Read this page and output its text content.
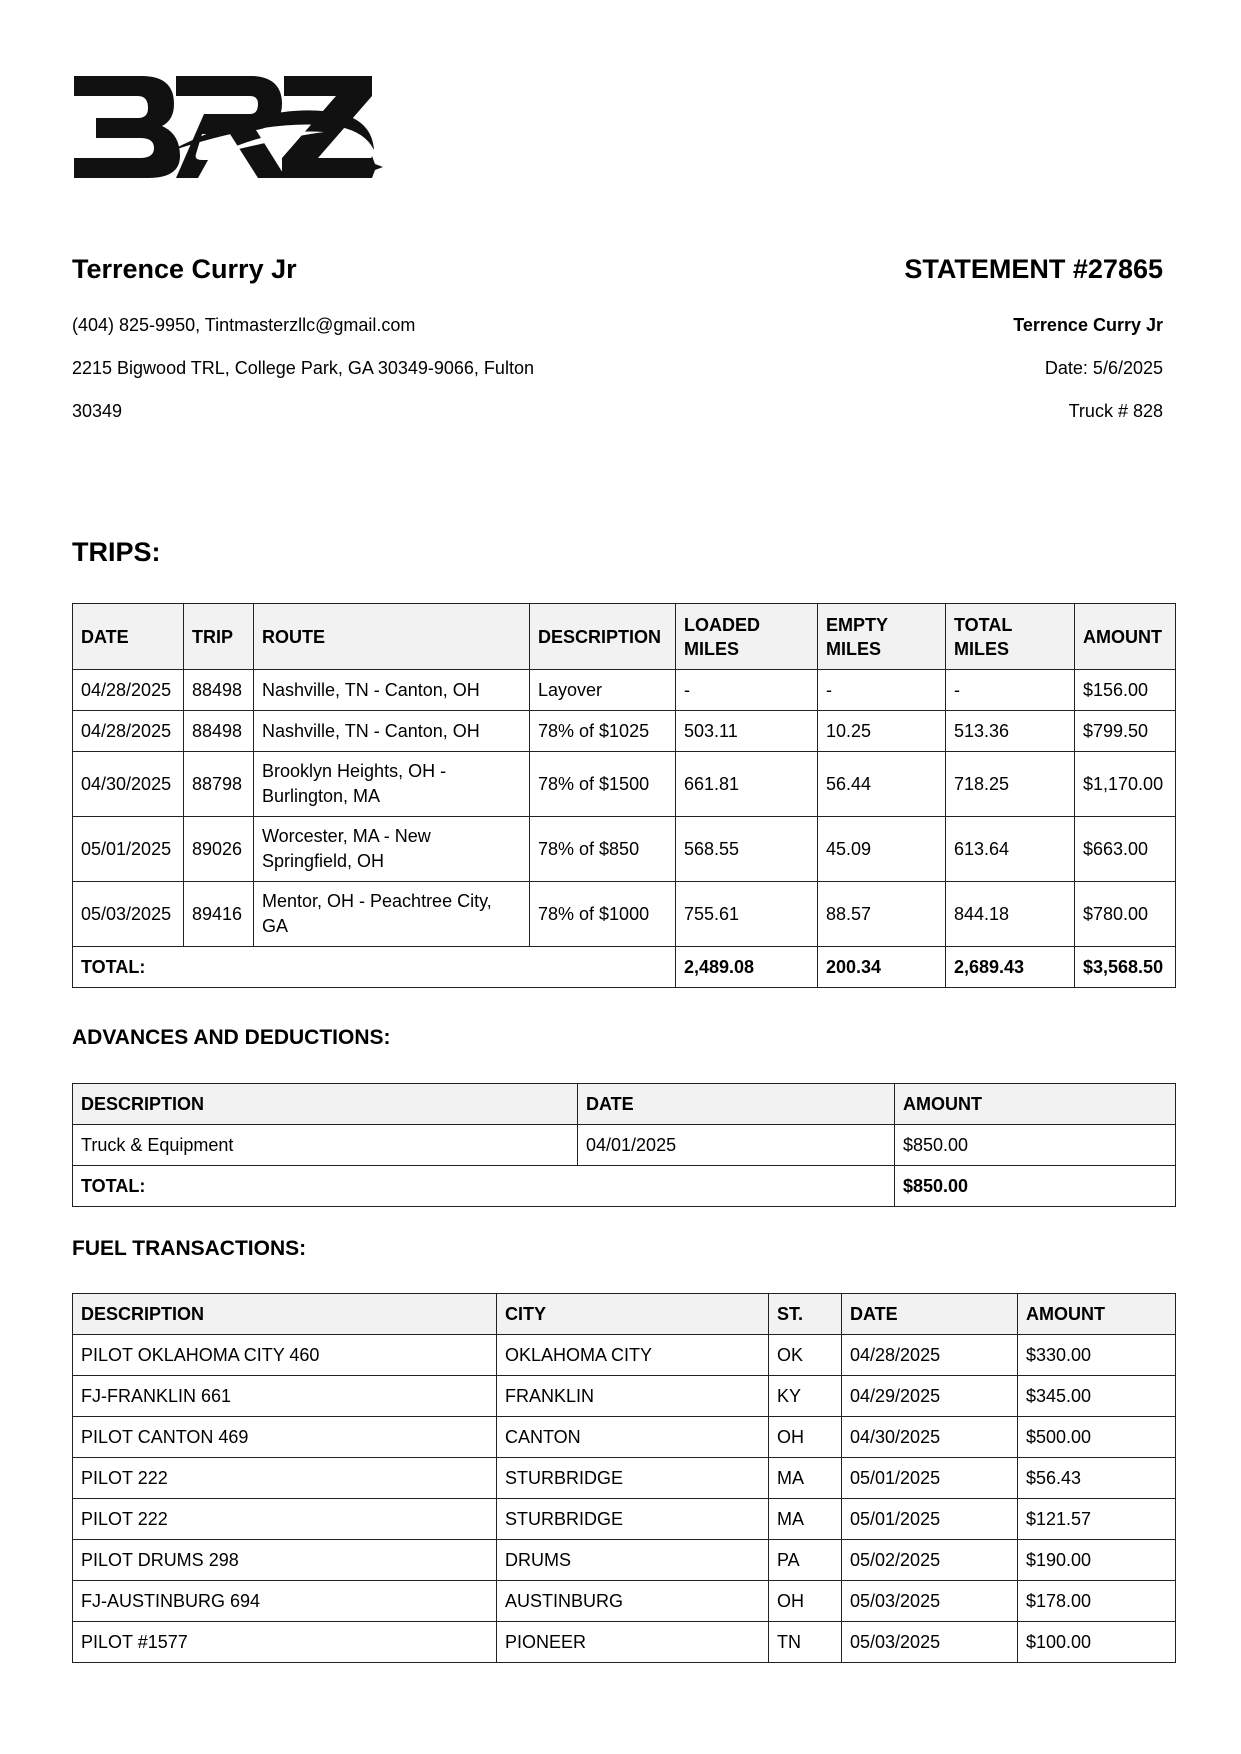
Terrence Curry Jr
(404) 825-9950, Tintmasterzllc@gmail.com
2215 Bigwood TRL, College Park, GA 30349-9066, Fulton
30349
STATEMENT #27865
Terrence Curry Jr
Date: 5/6/2025
Truck # 828
TRIPS:
DATE	TRIP	ROUTE	DESCRIPTION	LOADED MILES	EMPTY MILES	TOTAL MILES	AMOUNT
04/28/2025	88498	Nashville, TN - Canton, OH	Layover	-	-	-	$156.00
04/28/2025	88498	Nashville, TN - Canton, OH	78% of $1025	503.11	10.25	513.36	$799.50
04/30/2025	88798	Brooklyn Heights, OH - Burlington, MA	78% of $1500	661.81	56.44	718.25	$1,170.00
05/01/2025	89026	Worcester, MA - New Springfield, OH	78% of $850	568.55	45.09	613.64	$663.00
05/03/2025	89416	Mentor, OH - Peachtree City, GA	78% of $1000	755.61	88.57	844.18	$780.00
TOTAL:				2,489.08	200.34	2,689.43	$3,568.50
ADVANCES AND DEDUCTIONS:
DESCRIPTION	DATE	AMOUNT
Truck & Equipment	04/01/2025	$850.00
TOTAL:		$850.00
FUEL TRANSACTIONS:
DESCRIPTION	CITY	ST.	DATE	AMOUNT
PILOT OKLAHOMA CITY 460	OKLAHOMA CITY	OK	04/28/2025	$330.00
FJ-FRANKLIN 661	FRANKLIN	KY	04/29/2025	$345.00
PILOT CANTON 469	CANTON	OH	04/30/2025	$500.00
PILOT 222	STURBRIDGE	MA	05/01/2025	$56.43
PILOT 222	STURBRIDGE	MA	05/01/2025	$121.57
PILOT DRUMS 298	DRUMS	PA	05/02/2025	$190.00
FJ-AUSTINBURG 694	AUSTINBURG	OH	05/03/2025	$178.00
PILOT #1577	PIONEER	TN	05/03/2025	$100.00
